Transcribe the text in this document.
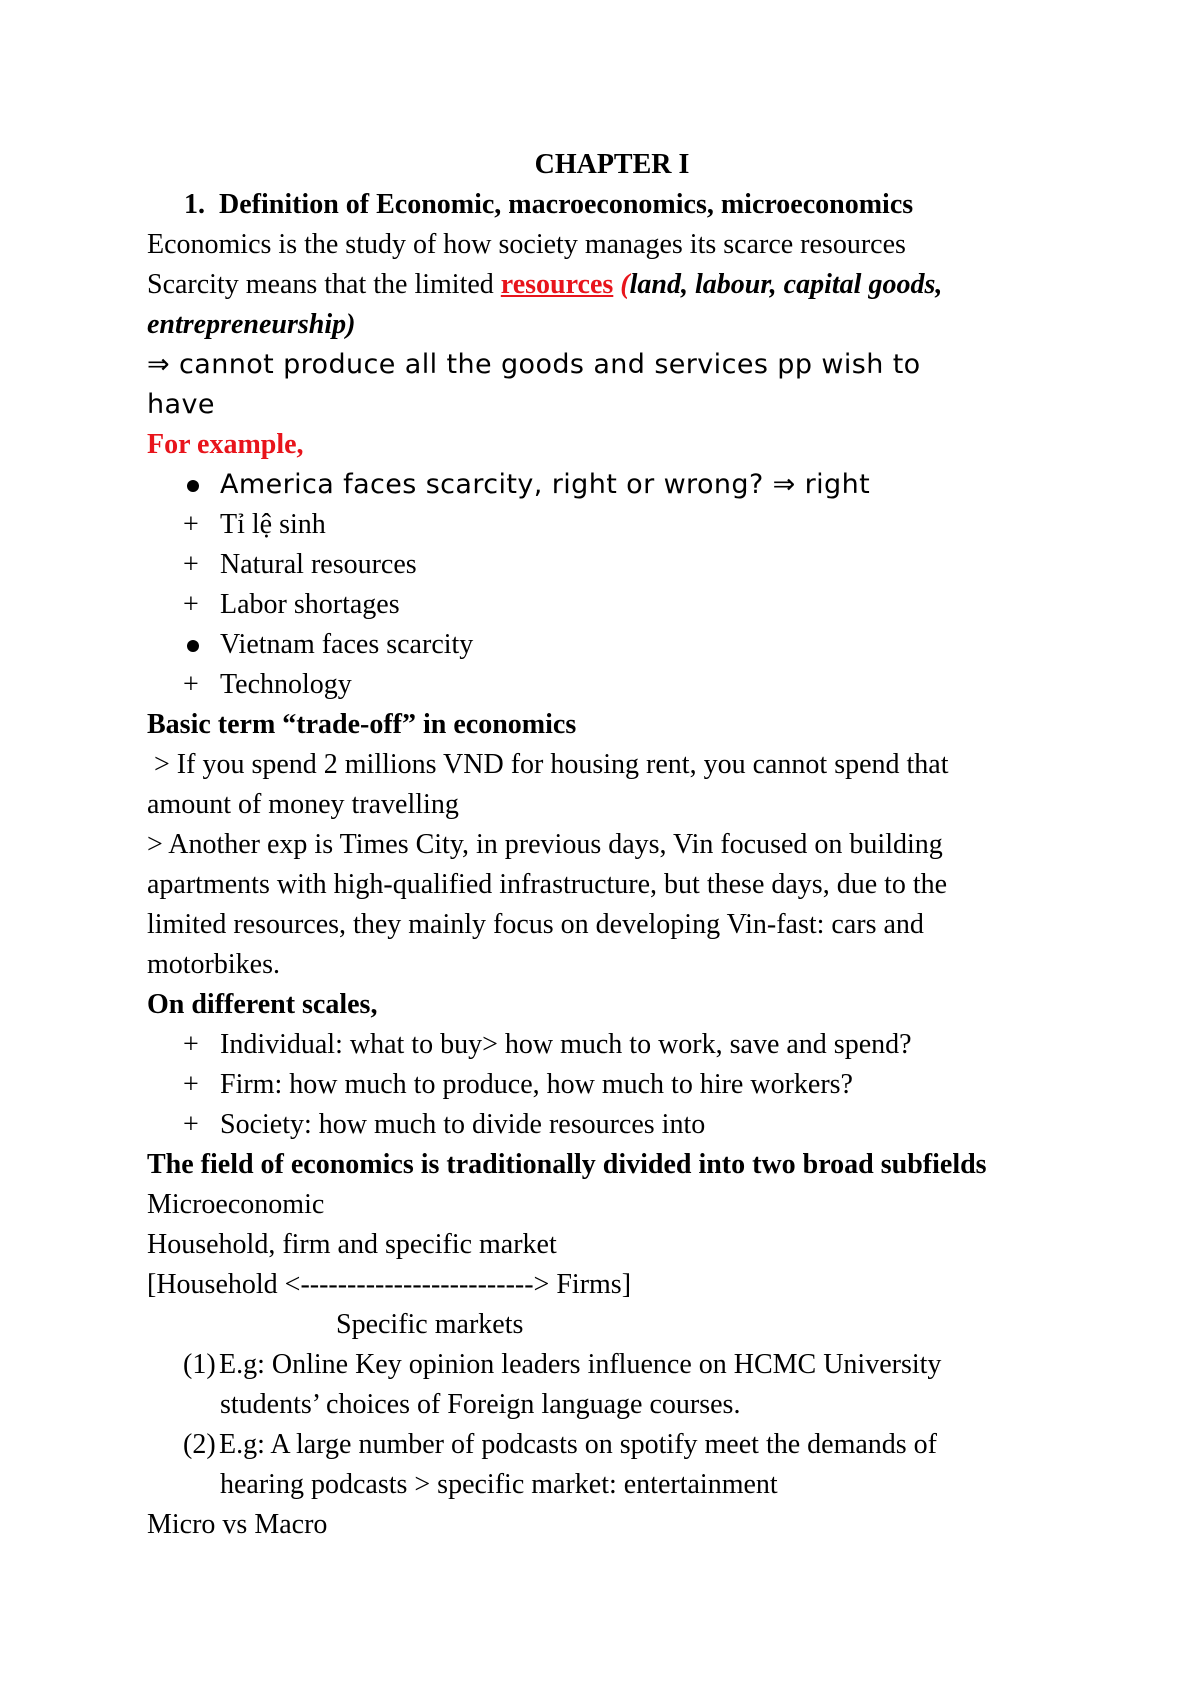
CHAPTER I
1. Definition of Economic, macroeconomics, microeconomics
Economics is the study of how society manages its scarce resources
Scarcity means that the limited resources (land, labour, capital goods,
entrepreneurship)
⇒ cannot produce all the goods and services pp wish to
have
For example,
America faces scarcity, right or wrong? ⇒ right
+ Tỉ lệ sinh
+ Natural resources
+ Labor shortages
Vietnam faces scarcity
+ Technology
Basic term “trade-off” in economics
> If you spend 2 millions VND for housing rent, you cannot spend that
amount of money travelling
> Another exp is Times City, in previous days, Vin focused on building
apartments with high-qualified infrastructure, but these days, due to the
limited resources, they mainly focus on developing Vin-fast: cars and
motorbikes.
On different scales,
+ Individual: what to buy> how much to work, save and spend?
+ Firm: how much to produce, how much to hire workers?
+ Society: how much to divide resources into
The field of economics is traditionally divided into two broad subfields
Microeconomic
Household, firm and specific market
[Household <-------------------------> Firms]
Specific markets
(1) E.g: Online Key opinion leaders influence on HCMC University
students’ choices of Foreign language courses.
(2) E.g: A large number of podcasts on spotify meet the demands of
hearing podcasts > specific market: entertainment
Micro vs Macro
